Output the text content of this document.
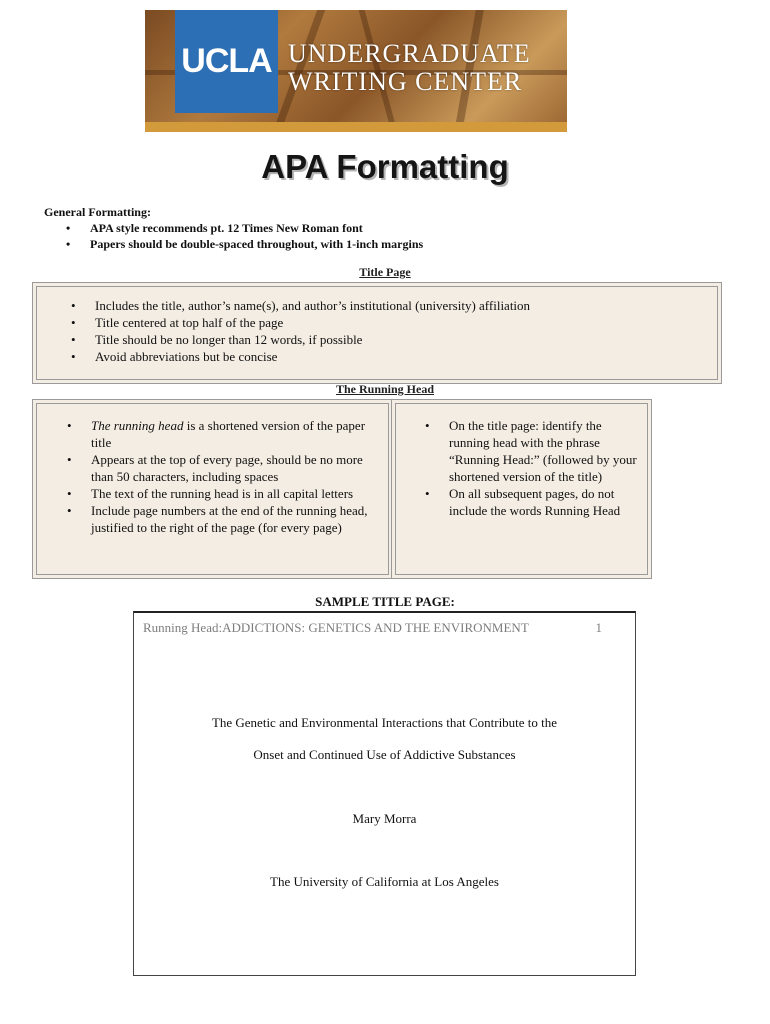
UCLA UNDERGRADUATE
WRITING CENTER
APA Formatting
General Formatting:
• APA style recommends pt. 12 Times New Roman font
• Papers should be double-spaced throughout, with 1-inch margins
Title Page
• Includes the title, author’s name(s), and author’s institutional (university) affiliation
• Title centered at top half of the page
• Title should be no longer than 12 words, if possible
• Avoid abbreviations but be concise
The Running Head
• The running head is a shortened version of the paper title
• Appears at the top of every page, should be no more than 50 characters, including spaces
• The text of the running head is in all capital letters
• Include page numbers at the end of the running head, justified to the right of the page (for every page)
• On the title page: identify the running head with the phrase “Running Head:” (followed by your shortened version of the title)
• On all subsequent pages, do not include the words Running Head
SAMPLE TITLE PAGE:
Running Head:ADDICTIONS: GENETICS AND THE ENVIRONMENT	1
The Genetic and Environmental Interactions that Contribute to the
Onset and Continued Use of Addictive Substances
Mary Morra
The University of California at Los Angeles
